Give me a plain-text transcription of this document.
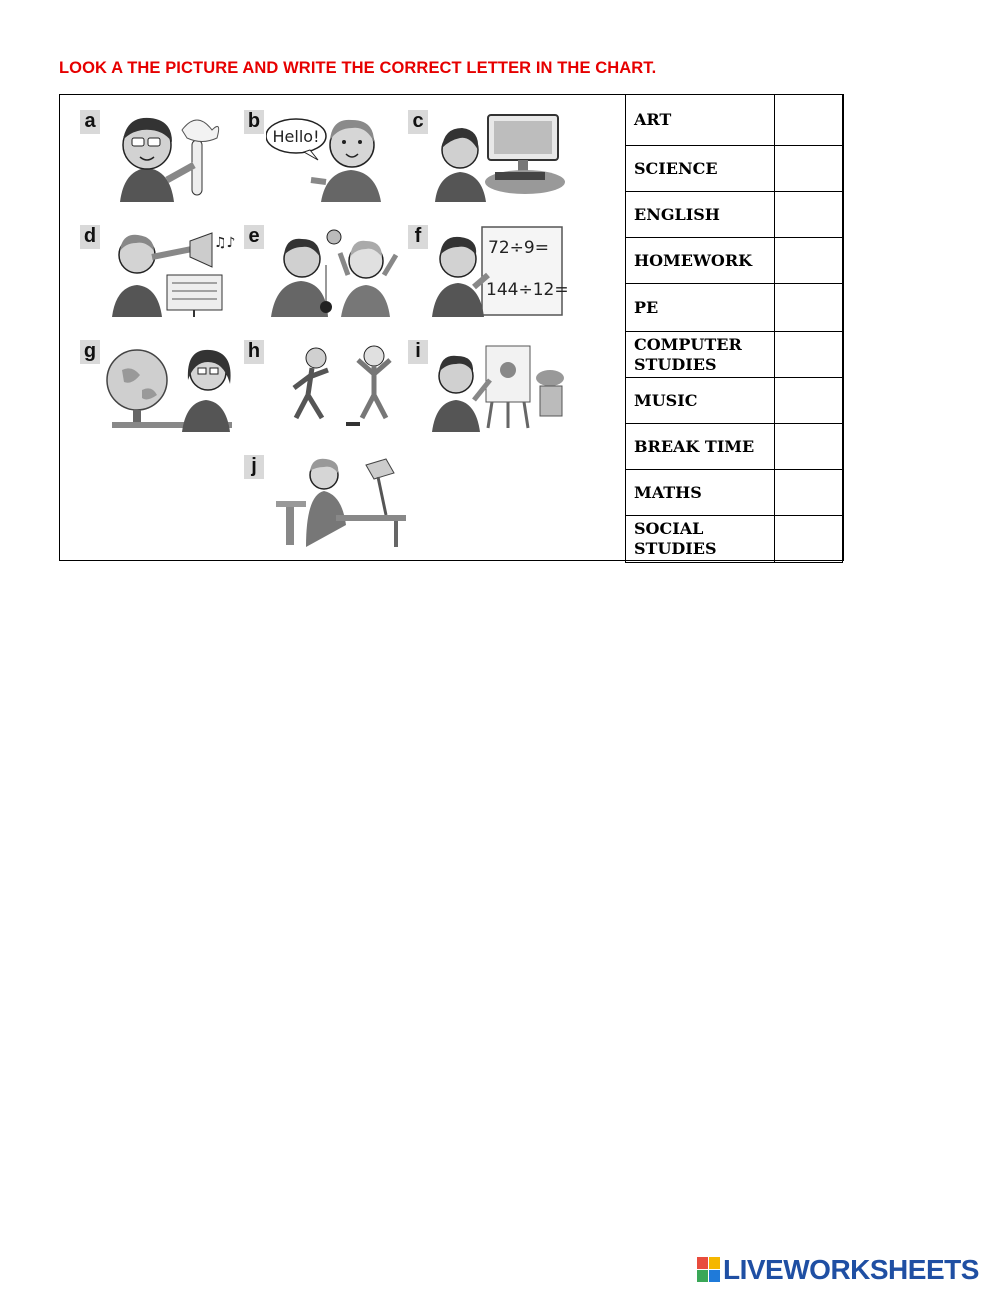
LOOK A THE PICTURE AND WRITE THE CORRECT LETTER IN THE CHART.
a	b
Hello!
c
d	♫♪ e	f
72÷9=
144÷12=
g	h	i
j
ART	
SCIENCE	
ENGLISH	
HOMEWORK	
PE	
COMPUTER STUDIES	
MUSIC	
BREAK TIME	
MATHS	
SOCIAL STUDIES	
LIVEWORKSHEETS
